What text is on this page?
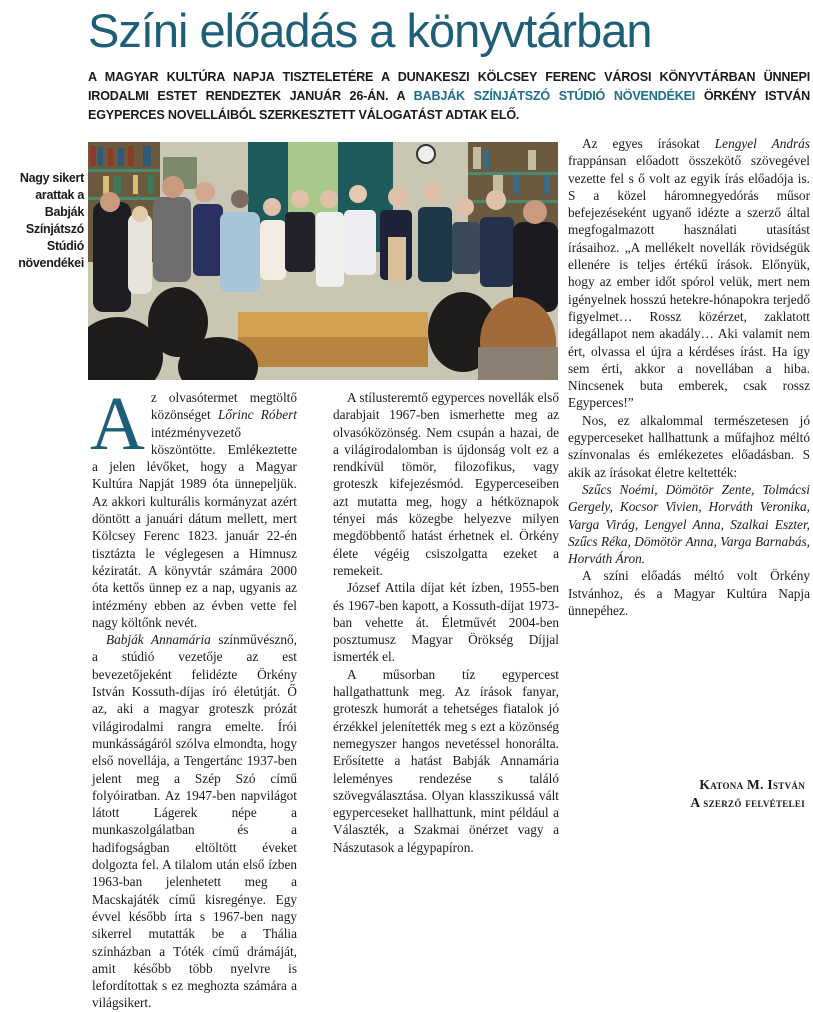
Színi előadás a könyvtárban
A MAGYAR KULTÚRA NAPJA TISZTELETÉRE A DUNAKESZI KÖLCSEY FERENC VÁROSI KÖNYVTÁRBAN ÜNNEPI IRODALMI ESTET RENDEZTEK JANUÁR 26-ÁN. A BABJÁK SZÍNJÁTSZÓ STÚDIÓ NÖVENDÉKEI ÖRKÉNY ISTVÁN EGYPERCES NOVELLÁIBÓL SZERKESZTETT VÁLOGATÁST ADTAK ELŐ.
Nagy sikert arattak a Babják Színjátszó Stúdió növendékei

Az olvasótermet megtöltő közönséget Lőrinc Róbert intézményvezető köszöntötte. Emlékeztette a jelen lévőket, hogy a Magyar Kultúra Napját 1989 óta ünnepeljük. Az akkori kulturális kormányzat azért döntött a januári dátum mellett, mert Kölcsey Ferenc 1823. január 22-én tisztázta le véglegesen a Himnusz kéziratát. A könyvtár számára 2000 óta kettős ünnep ez a nap, ugyanis az intézmény ebben az évben vette fel nagy költőnk nevét.

Babják Annamária színművésznő, a stúdió vezetője az est bevezetőjeként felidézte Örkény István Kossuth-díjas író életútját. Ő az, aki a magyar groteszk prózát világirodalmi rangra emelte. Írói munkásságáról szólva elmondta, hogy első novellája, a Tengertánc 1937-ben jelent meg a Szép Szó című folyóiratban. Az 1947-ben napvilágot látott Lágerek népe a munkaszolgálatban és a hadifogságban eltöltött éveket dolgozta fel. A tilalom után első ízben 1963-ban jelenhetett meg a Macskajáték című kisregénye. Egy évvel később írta s 1967-ben nagy sikerrel mutatták be a Thália színházban a Tóték című drámáját, amit később több nyelvre is lefordítottak s ez meghozta számára a világsikert.

A stílusteremtő egyperces novellák első darabjait 1967-ben ismerhette meg az olvasóközönség. Nem csupán a hazai, de a világirodalomban is újdonság volt ez a rendkívül tömör, filozofikus, vagy groteszk kifejezésmód. Egyperceseiben azt mutatta meg, hogy a hétköznapok tényei más közegbe helyezve milyen megdöbbentő hatást érhetnek el. Örkény élete végéig csiszolgatta ezeket a remekeit.

József Attila díjat két ízben, 1955-ben és 1967-ben kapott, a Kossuth-díjat 1973-ban vehette át. Életművét 2004-ben posztumusz Magyar Örökség Díjjal ismerték el.

A műsorban tíz egypercest hallgathattunk meg. Az írások fanyar, groteszk humorát a tehetséges fiatalok jó érzékkel jelenítették meg s ezt a közönség nemegyszer hangos nevetéssel honorálta. Erősítette a hatást Babják Annamária leleményes rendezése s találó szövegválasztása. Olyan klasszikussá vált egyperceseket hallhattunk, mint például a Választék, a Szakmai önérzet vagy a Nászutasok a légypapíron.

Az egyes írásokat Lengyel András frappánsan előadott összekötő szövegével vezette fel s ő volt az egyik írás előadója is. S a közel háromnegyedórás műsor befejezéseként ugyanő idézte a szerző által megfogalmazott használati utasítást írásaihoz. „A mellékelt novellák rövidségük ellenére is teljes értékű írások. Előnyük, hogy az ember időt spórol velük, mert nem igényelnek hosszú hetekre-hónapokra terjedő figyelmet… Rossz közérzet, zaklatott idegállapot nem akadály… Aki valamit nem ért, olvassa el újra a kérdéses írást. Ha így sem érti, akkor a novellában a hiba. Nincsenek buta emberek, csak rossz Egyperces!”

Nos, ez alkalommal természetesen jó egyperceseket hallhattunk a műfajhoz méltó színvonalas és emlékezetes előadásban. S akik az írásokat életre keltették:

Szűcs Noémi, Dömötör Zente, Tolmácsi Gergely, Kocsor Vivien, Horváth Veronika, Varga Virág, Lengyel Anna, Szalkai Eszter, Szűcs Réka, Dömötör Anna, Varga Barnabás, Horváth Áron.

A színi előadás méltó volt Örkény Istvánhoz, és a Magyar Kultúra Napja ünnepéhez.

Katona M. István
A szerző felvételei
